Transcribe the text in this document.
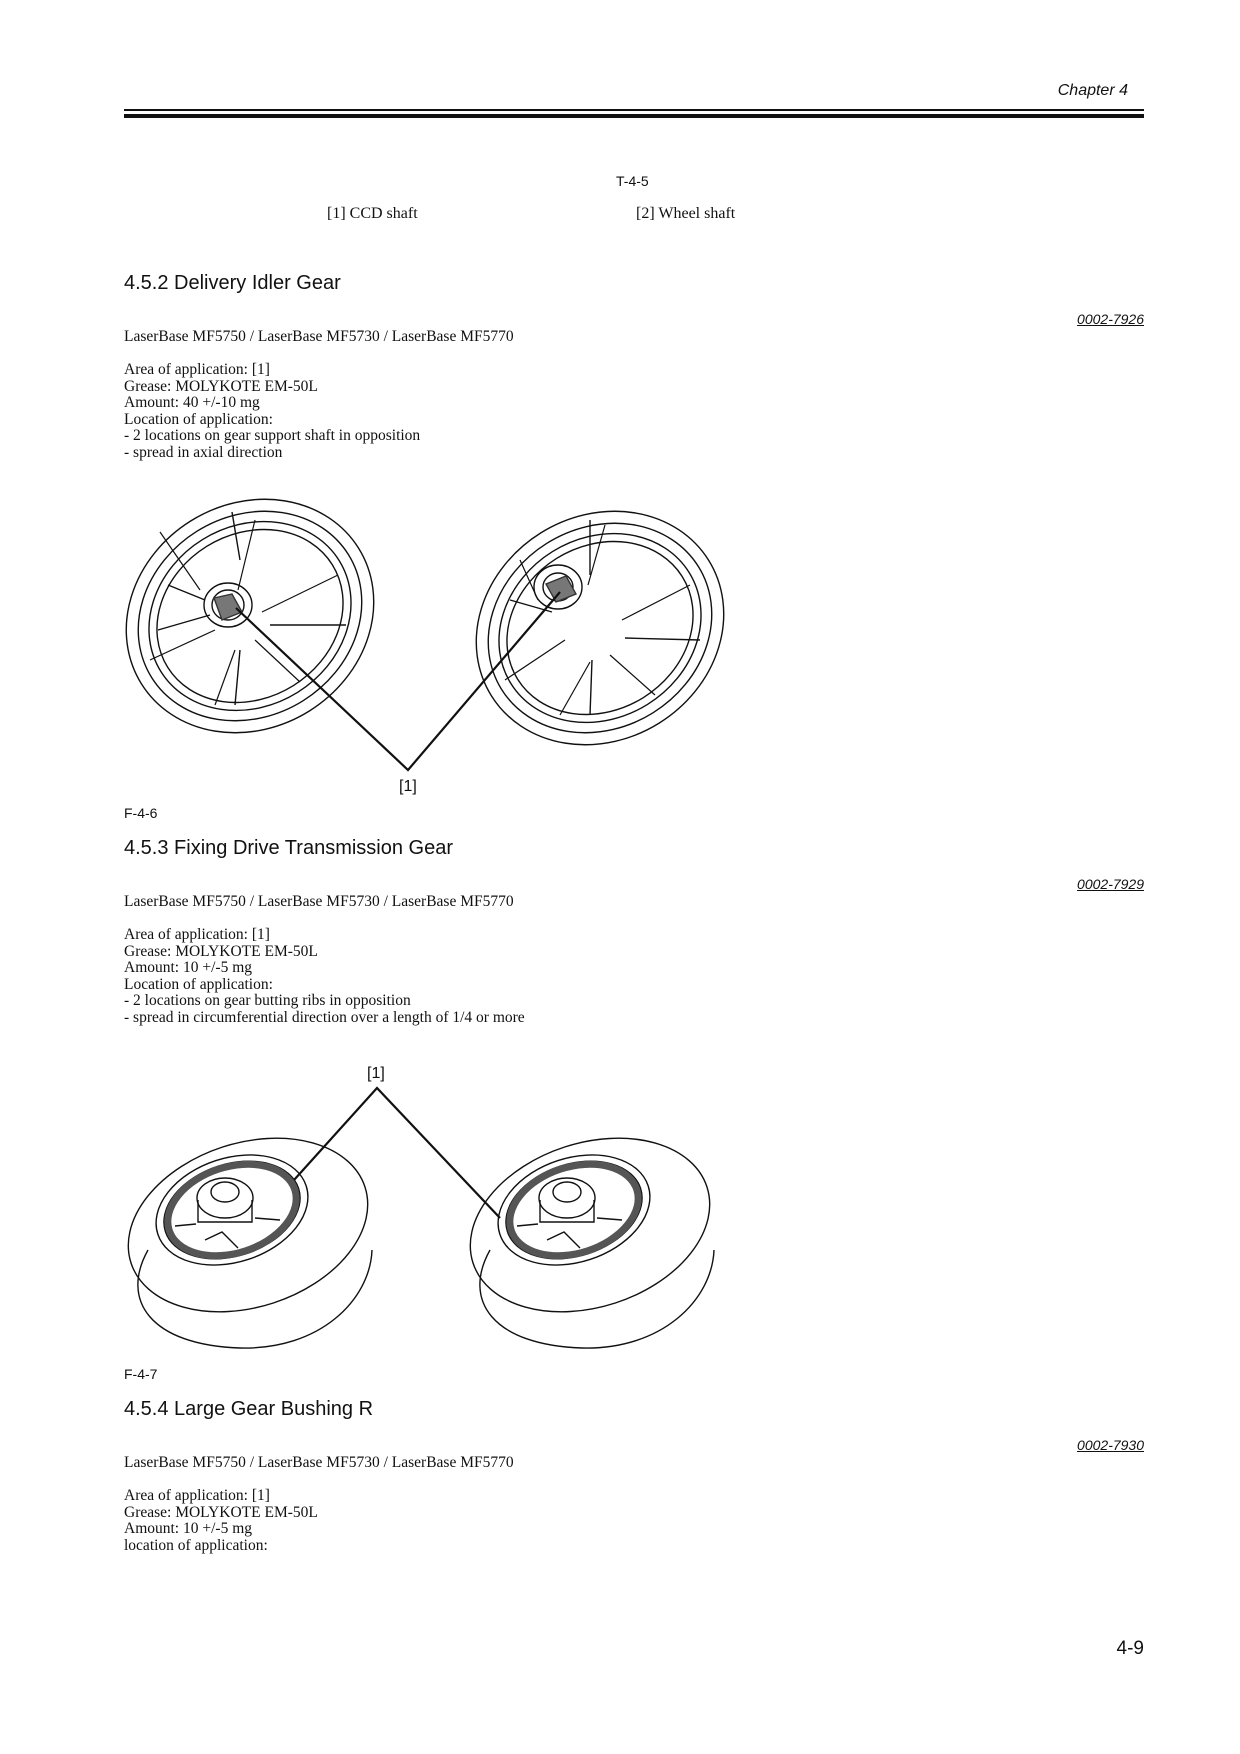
Chapter 4
T-4-5
[1] CCD shaft	[2] Wheel shaft
4.5.2 Delivery Idler Gear
0002-7926
LaserBase MF5750 / LaserBase MF5730 / LaserBase MF5770
Area of application: [1]
Grease: MOLYKOTE EM-50L
Amount: 40 +/-10 mg
Location of application:
- 2 locations on gear support shaft in opposition
- spread in axial direction
[1]
F-4-6
4.5.3 Fixing Drive Transmission Gear
0002-7929
LaserBase MF5750 / LaserBase MF5730 / LaserBase MF5770
Area of application: [1]
Grease: MOLYKOTE EM-50L
Amount: 10 +/-5 mg
Location of application:
- 2 locations on gear butting ribs in opposition
- spread in circumferential direction over a length of 1/4 or more
[1]
F-4-7
4.5.4 Large Gear Bushing R
0002-7930
LaserBase MF5750 / LaserBase MF5730 / LaserBase MF5770
Area of application: [1]
Grease: MOLYKOTE EM-50L
Amount: 10 +/-5 mg
location of application:
4-9
